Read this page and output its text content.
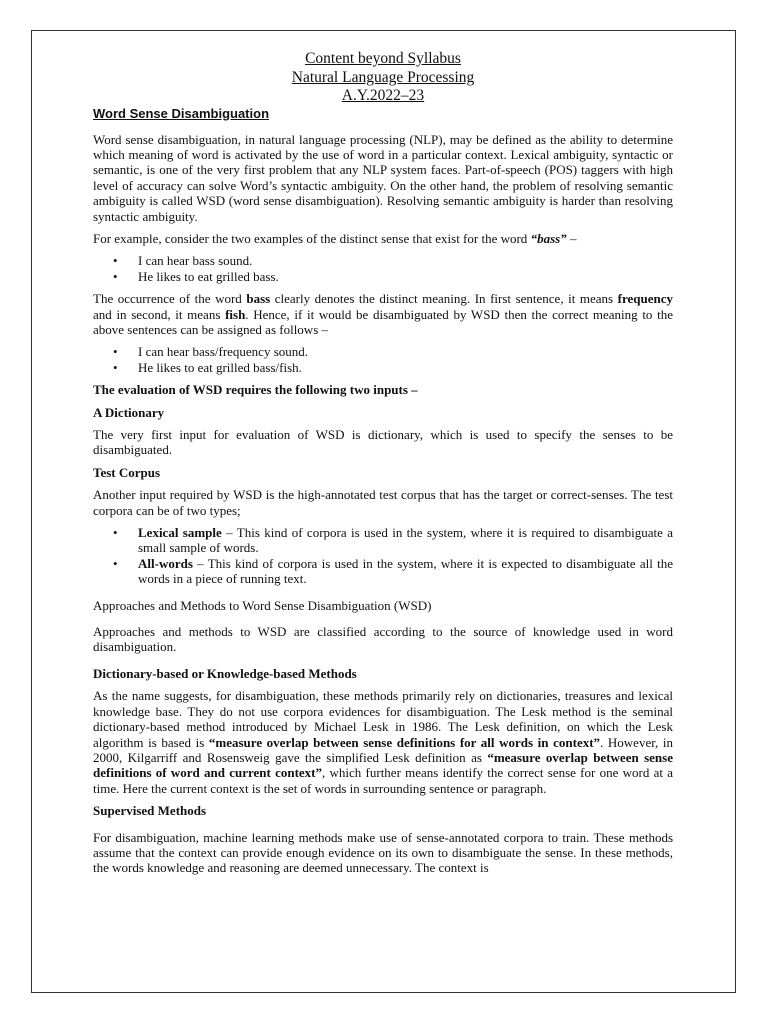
Content beyond Syllabus
Natural Language Processing
A.Y.2022–23
Word Sense Disambiguation

Word sense disambiguation, in natural language processing (NLP), may be defined as the ability to determine which meaning of word is activated by the use of word in a particular context. Lexical ambiguity, syntactic or semantic, is one of the very first problem that any NLP system faces. Part-of-speech (POS) taggers with high level of accuracy can solve Word’s syntactic ambiguity. On the other hand, the problem of resolving semantic ambiguity is called WSD (word sense disambiguation). Resolving semantic ambiguity is harder than resolving syntactic ambiguity.

For example, consider the two examples of the distinct sense that exist for the word “bass” –

• I can hear bass sound.
• He likes to eat grilled bass.

The occurrence of the word bass clearly denotes the distinct meaning. In first sentence, it means frequency and in second, it means fish. Hence, if it would be disambiguated by WSD then the correct meaning to the above sentences can be assigned as follows –

• I can hear bass/frequency sound.
• He likes to eat grilled bass/fish.

The evaluation of WSD requires the following two inputs –

A Dictionary

The very first input for evaluation of WSD is dictionary, which is used to specify the senses to be disambiguated.

Test Corpus

Another input required by WSD is the high-annotated test corpus that has the target or correct-senses. The test corpora can be of two types;

• Lexical sample – This kind of corpora is used in the system, where it is required to disambiguate a small sample of words.
• All-words – This kind of corpora is used in the system, where it is expected to disambiguate all the words in a piece of running text.

Approaches and Methods to Word Sense Disambiguation (WSD)

Approaches and methods to WSD are classified according to the source of knowledge used in word disambiguation.

Dictionary-based or Knowledge-based Methods

As the name suggests, for disambiguation, these methods primarily rely on dictionaries, treasures and lexical knowledge base. They do not use corpora evidences for disambiguation. The Lesk method is the seminal dictionary-based method introduced by Michael Lesk in 1986. The Lesk definition, on which the Lesk algorithm is based is “measure overlap between sense definitions for all words in context”. However, in 2000, Kilgarriff and Rosensweig gave the simplified Lesk definition as “measure overlap between sense definitions of word and current context”, which further means identify the correct sense for one word at a time. Here the current context is the set of words in surrounding sentence or paragraph.

Supervised Methods

For disambiguation, machine learning methods make use of sense-annotated corpora to train. These methods assume that the context can provide enough evidence on its own to disambiguate the sense. In these methods, the words knowledge and reasoning are deemed unnecessary. The context is
